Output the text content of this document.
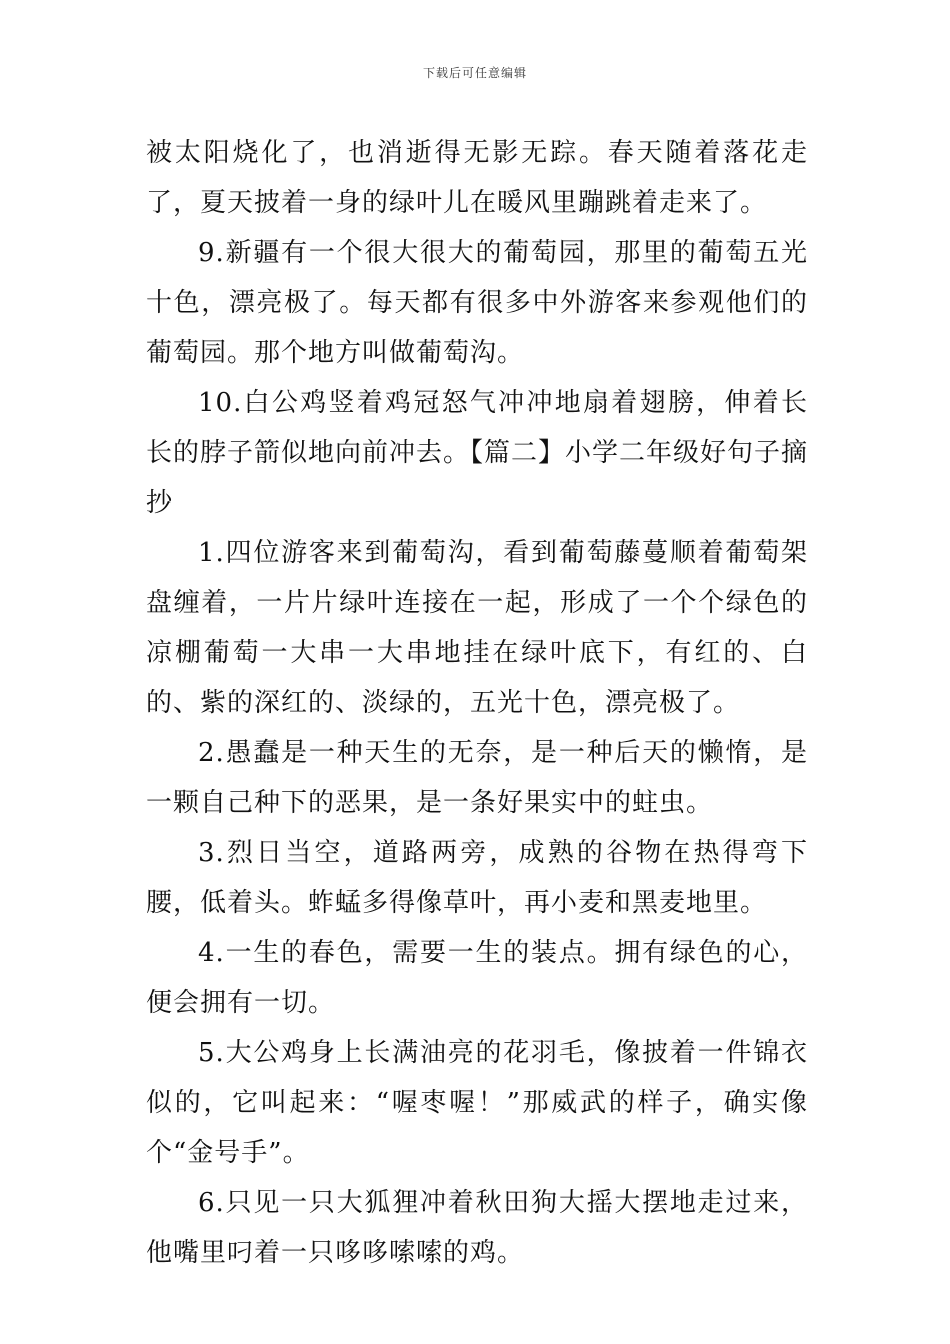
下载后可任意编辑

被太阳烧化了，也消逝得无影无踪。春天随着落花走了，夏天披着一身的绿叶儿在暖风里蹦跳着走来了。

9.新疆有一个很大很大的葡萄园，那里的葡萄五光十色，漂亮极了。每天都有很多中外游客来参观他们的葡萄园。那个地方叫做葡萄沟。

10.白公鸡竖着鸡冠怒气冲冲地扇着翅膀，伸着长长的脖子箭似地向前冲去。【篇二】小学二年级好句子摘抄

1.四位游客来到葡萄沟，看到葡萄藤蔓顺着葡萄架盘缠着，一片片绿叶连接在一起，形成了一个个绿色的凉棚葡萄一大串一大串地挂在绿叶底下，有红的、白的、紫的深红的、淡绿的，五光十色，漂亮极了。

2.愚蠢是一种天生的无奈，是一种后天的懒惰，是一颗自己种下的恶果，是一条好果实中的蛀虫。

3.烈日当空，道路两旁，成熟的谷物在热得弯下腰，低着头。蚱蜢多得像草叶，再小麦和黑麦地里。

4.一生的春色，需要一生的装点。拥有绿色的心，便会拥有一切。

5.大公鸡身上长满油亮的花羽毛，像披着一件锦衣似的，它叫起来：“喔枣喔！”那威武的样子，确实像个“金号手”。

6.只见一只大狐狸冲着秋田狗大摇大摆地走过来，他嘴里叼着一只哆哆嗦嗦的鸡。
